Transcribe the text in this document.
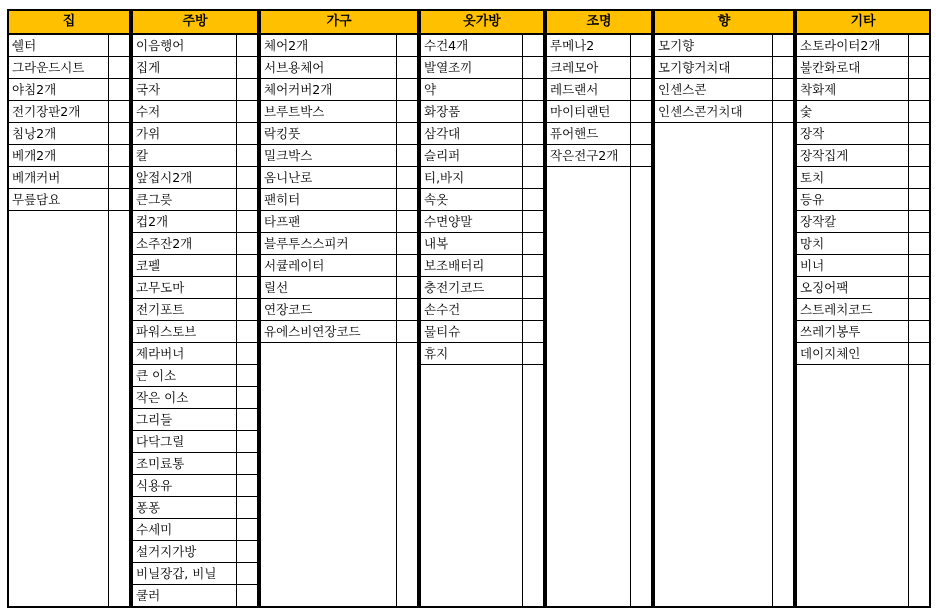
집
쉘터
그라운드시트
야침2개
전기장판2개
침낭2개
베개2개
베개커버
무릎담요
주방
이음행어
집게
국자
수저
가위
칼
앞접시2개
큰그릇
컵2개
소주잔2개
코펠
고무도마
전기포트
파워스토브
제라버너
큰 이소
작은 이소
그리들
다닥그릴
조미료통
식용유
퐁퐁
수세미
설거지가방
비닐장갑, 비닐
쿨러
가구
체어2개
서브용체어
체어커버2개
브루트박스
락킹풋
밀크박스
옴니난로
팬히터
타프팬
블루투스스피커
서큘레이터
릴선
연장코드
유에스비연장코드
옷가방
수건4개
발열조끼
약
화장품
삼각대
슬리퍼
티,바지
속옷
수면양말
내복
보조배터리
충전기코드
손수건
물티슈
휴지
조명
루메나2
크레모아
레드랜서
마이티랜턴
퓨어핸드
작은전구2개
향
모기향
모기향거치대
인센스콘
인센스콘거치대
기타
소토라이터2개
불칸화로대
착화제
숯
장작
장작집게
토치
등유
장작칼
망치
비너
오징어팩
스트레치코드
쓰레기봉투
데이지체인
